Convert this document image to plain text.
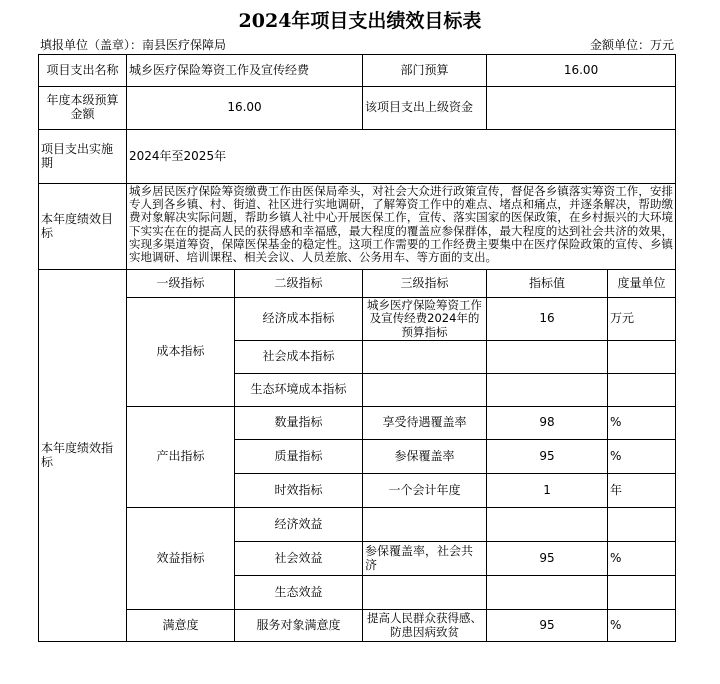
2024年项目支出绩效目标表
填报单位（盖章）：南县医疗保障局	金额单位：万元
项目支出名称	城乡医疗保险筹资工作及宣传经费		部门预算	16.00	
年度本级预算金额	16.00		该项目支出上级资金		
项目支出实施期	2024年至2025年				
本年度绩效目标	城乡居民医疗保险筹资缴费工作由医保局牵头，对社会大众进行政策宣传，督促各乡镇落实筹资工作，安排专人到各乡镇、村、街道、社区进行实地调研，了解筹资工作中的难点、堵点和痛点，并逐条解决，帮助缴费对象解决实际问题，帮助乡镇人社中心开展医保工作，宣传、落实国家的医保政策，在乡村振兴的大环境下实实在在的提高人民的获得感和幸福感，最大程度的覆盖应参保群体，最大程度的达到社会共济的效果，实现多渠道筹资，保障医保基金的稳定性。这项工作需要的工作经费主要集中在医疗保险政策的宣传、乡镇实地调研、培训课程、相关会议、人员差旅、公务用车、等方面的支出。				
本年度绩效指标	一级指标	二级指标	三级指标	指标值	度量单位
	成本指标	经济成本指标	城乡医疗保险筹资工作及宣传经费2024年的预算指标	16	万元
		社会成本指标			
		生态环境成本指标			
	产出指标	数量指标	享受待遇覆盖率	98	%
		质量指标	参保覆盖率	95	%
		时效指标	一个会计年度	1	年
	效益指标	经济效益			
		社会效益	参保覆盖率，社会共济	95	%
		生态效益			
	满意度	服务对象满意度	提高人民群众获得感、防患因病致贫	95	%
